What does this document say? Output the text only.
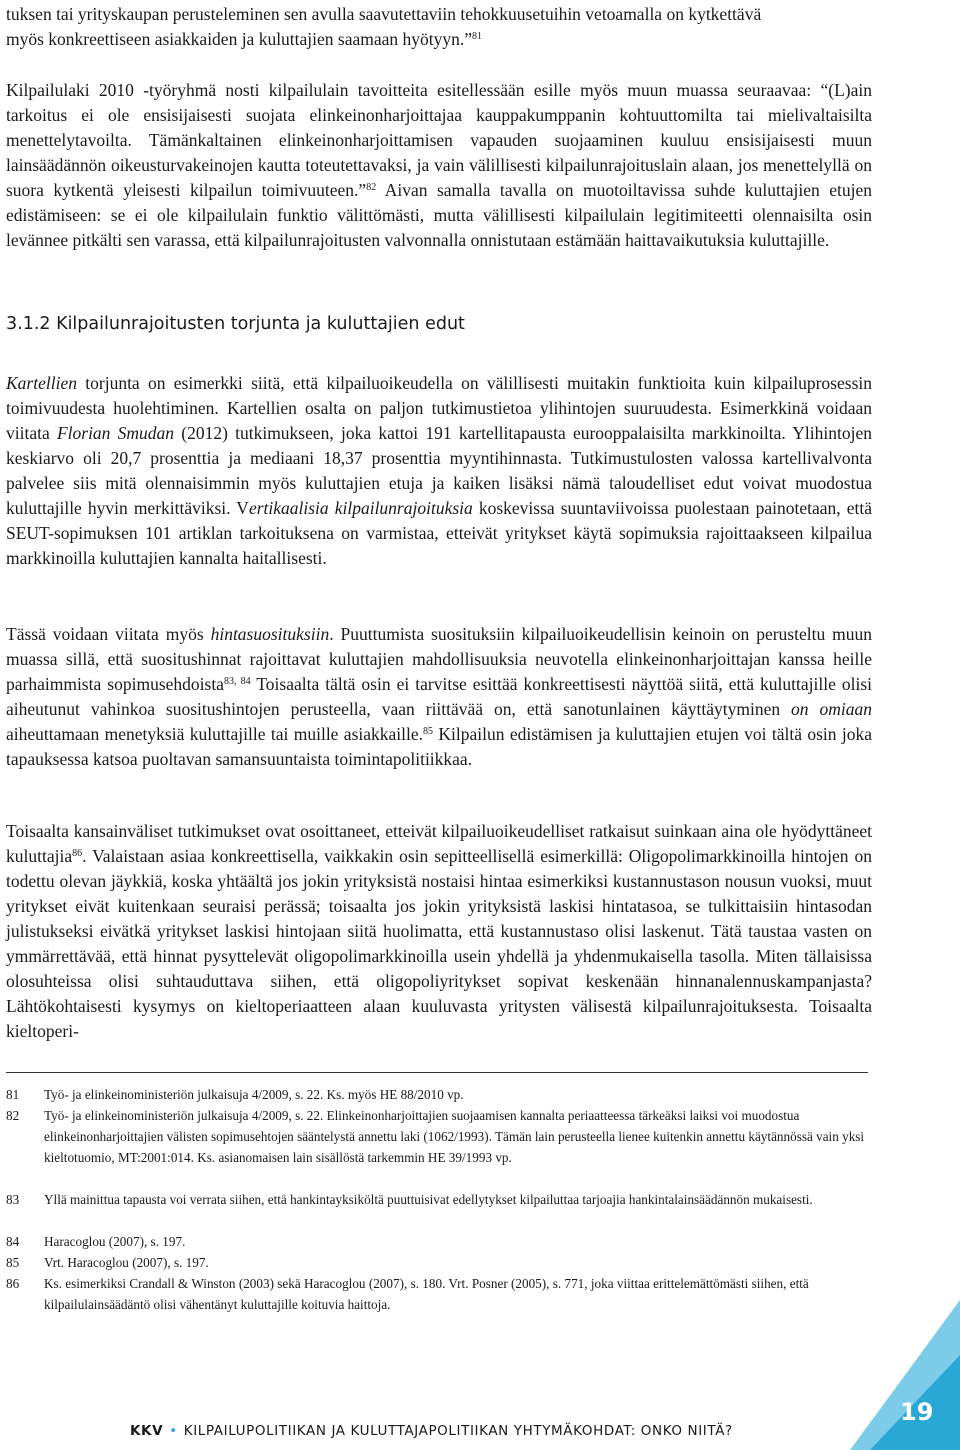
tuksen tai yrityskaupan perusteleminen sen avulla saavutettaviin tehokkuusetuihin vetoamalla on kytkettävä
myös konkreettiseen asiakkaiden ja kuluttajien saamaan hyötyyn.”$^{81}$

Kilpailulaki 2010 -työryhmä nosti kilpailulain tavoitteita esitellessään esille myös muun muassa seuraavaa: “(L)ain tarkoitus ei ole ensisijaisesti suojata elinkeinonharjoittajaa kauppakumppanin kohtuuttomilta tai mielivaltaisilta menettelytavoilta. Tämänkaltainen elinkeinonharjoittamisen vapauden suojaaminen kuuluu ensisijaisesti muun lainsäädännön oikeusturvakeinojen kautta toteutettavaksi, ja vain välillisesti kilpailunrajoituslain alaan, jos menettelyllä on suora kytkentä yleisesti kilpailun toimivuuteen.”$^{82}$ Aivan samalla tavalla on muotoiltavissa suhde kuluttajien etujen edistämiseen: se ei ole kilpailulain funktio välittömästi, mutta välillisesti kilpailulain legitimiteetti olennaisilta osin levännee pitkälti sen varassa, että kilpailunrajoitusten valvonnalla onnistutaan estämään haittavaikutuksia kuluttajille.

3.1.2 Kilpailunrajoitusten torjunta ja kuluttajien edut

Kartellien torjunta on esimerkki siitä, että kilpailuoikeudella on välillisesti muitakin funktioita kuin kilpailuprosessin toimivuudesta huolehtiminen. Kartellien osalta on paljon tutkimustietoa ylihintojen suuruudesta. Esimerkkinä voidaan viitata Florian Smudan (2012) tutkimukseen, joka kattoi 191 kartellitapausta eurooppalaisilta markkinoilta. Ylihintojen keskiarvo oli 20,7 prosenttia ja mediaani 18,37 prosenttia myyntihinnasta. Tutkimustulosten valossa kartellivalvonta palvelee siis mitä olennaisimmin myös kuluttajien etuja ja kaiken lisäksi nämä taloudelliset edut voivat muodostua kuluttajille hyvin merkittäviksi. Vertikaalisia kilpailunrajoituksia koskevissa suuntaviivoissa puolestaan painotetaan, että SEUT-sopimuksen 101 artiklan tarkoituksena on varmistaa, etteivät yritykset käytä sopimuksia rajoittaakseen kilpailua markkinoilla kuluttajien kannalta haitallisesti.

Tässä voidaan viitata myös hintasuosituksiin. Puuttumista suosituksiin kilpailuoikeudellisin keinoin on perusteltu muun muassa sillä, että suositushinnat rajoittavat kuluttajien mahdollisuuksia neuvotella elinkeinonharjoittajan kanssa heille parhaimmista sopimusehdoista$^{83, 84}$ Toisaalta tältä osin ei tarvitse esittää konkreettisesti näyttöä siitä, että kuluttajille olisi aiheutunut vahinkoa suositushintojen perusteella, vaan riittävää on, että sanotunlainen käyttäytyminen on omiaan aiheuttamaan menetyksiä kuluttajille tai muille asiakkaille.$^{85}$ Kilpailun edistämisen ja kuluttajien etujen voi tältä osin joka tapauksessa katsoa puoltavan samansuuntaista toimintapolitiikkaa.

Toisaalta kansainväliset tutkimukset ovat osoittaneet, etteivät kilpailuoikeudelliset ratkaisut suinkaan aina ole hyödyttäneet kuluttajia$^{86}$. Valaistaan asiaa konkreettisella, vaikkakin osin sepitteellisellä esimerkillä: Oligopolimarkkinoilla hintojen on todettu olevan jäykkiä, koska yhtäältä jos jokin yrityksistä nostaisi hintaa esimerkiksi kustannustason nousun vuoksi, muut yritykset eivät kuitenkaan seuraisi perässä; toisaalta jos jokin yrityksistä laskisi hintatasoa, se tulkittaisiin hintasodan julistukseksi eivätkä yritykset laskisi hintojaan siitä huolimatta, että kustannustaso olisi laskenut. Tätä taustaa vasten on ymmärrettävää, että hinnat pysyttelevät oligopolimarkkinoilla usein yhdellä ja yhdenmukaisella tasolla. Miten tällaisissa olosuhteissa olisi suhtauduttava siihen, että oligopoliyritykset sopivat keskenään hinnanalennuskampanjasta? Lähtökohtaisesti kysymys on kieltoperiaatteen alaan kuuluvasta yritysten välisestä kilpailunrajoituksesta. Toisaalta kieltoperi-

81	Työ- ja elinkeinoministeriön julkaisuja 4/2009, s. 22. Ks. myös HE 88/2010 vp.
82	Työ- ja elinkeinoministeriön julkaisuja 4/2009, s. 22. Elinkeinonharjoittajien suojaamisen kannalta periaatteessa tärkeäksi laiksi voi muodostua elinkeinonharjoittajien välisten sopimusehtojen sääntelystä annettu laki (1062/1993). Tämän lain perusteella lienee kuitenkin annettu käytännössä vain yksi kieltotuomio, MT:2001:014. Ks. asianomaisen lain sisällöstä tarkemmin HE 39/1993 vp.
83	Yllä mainittua tapausta voi verrata siihen, että hankintayksiköltä puuttuisivat edellytykset kilpailuttaa tarjoajia hankintalainsäädännön mukaisesti.
84	Haracoglou (2007), s. 197.
85	Vrt. Haracoglou (2007), s. 197.
86	Ks. esimerkiksi Crandall & Winston (2003) sekä Haracoglou (2007), s. 180. Vrt. Posner (2005), s. 771, joka viittaa erittelemättömästi siihen, että kilpailulainsäädäntö olisi vähentänyt kuluttajille koituvia haittoja.
KKV • KILPAILUPOLITIIKAN JA KULUTTAJAPOLITIIKAN YHTYMÄKOHDAT: ONKO NIITÄ?
19
